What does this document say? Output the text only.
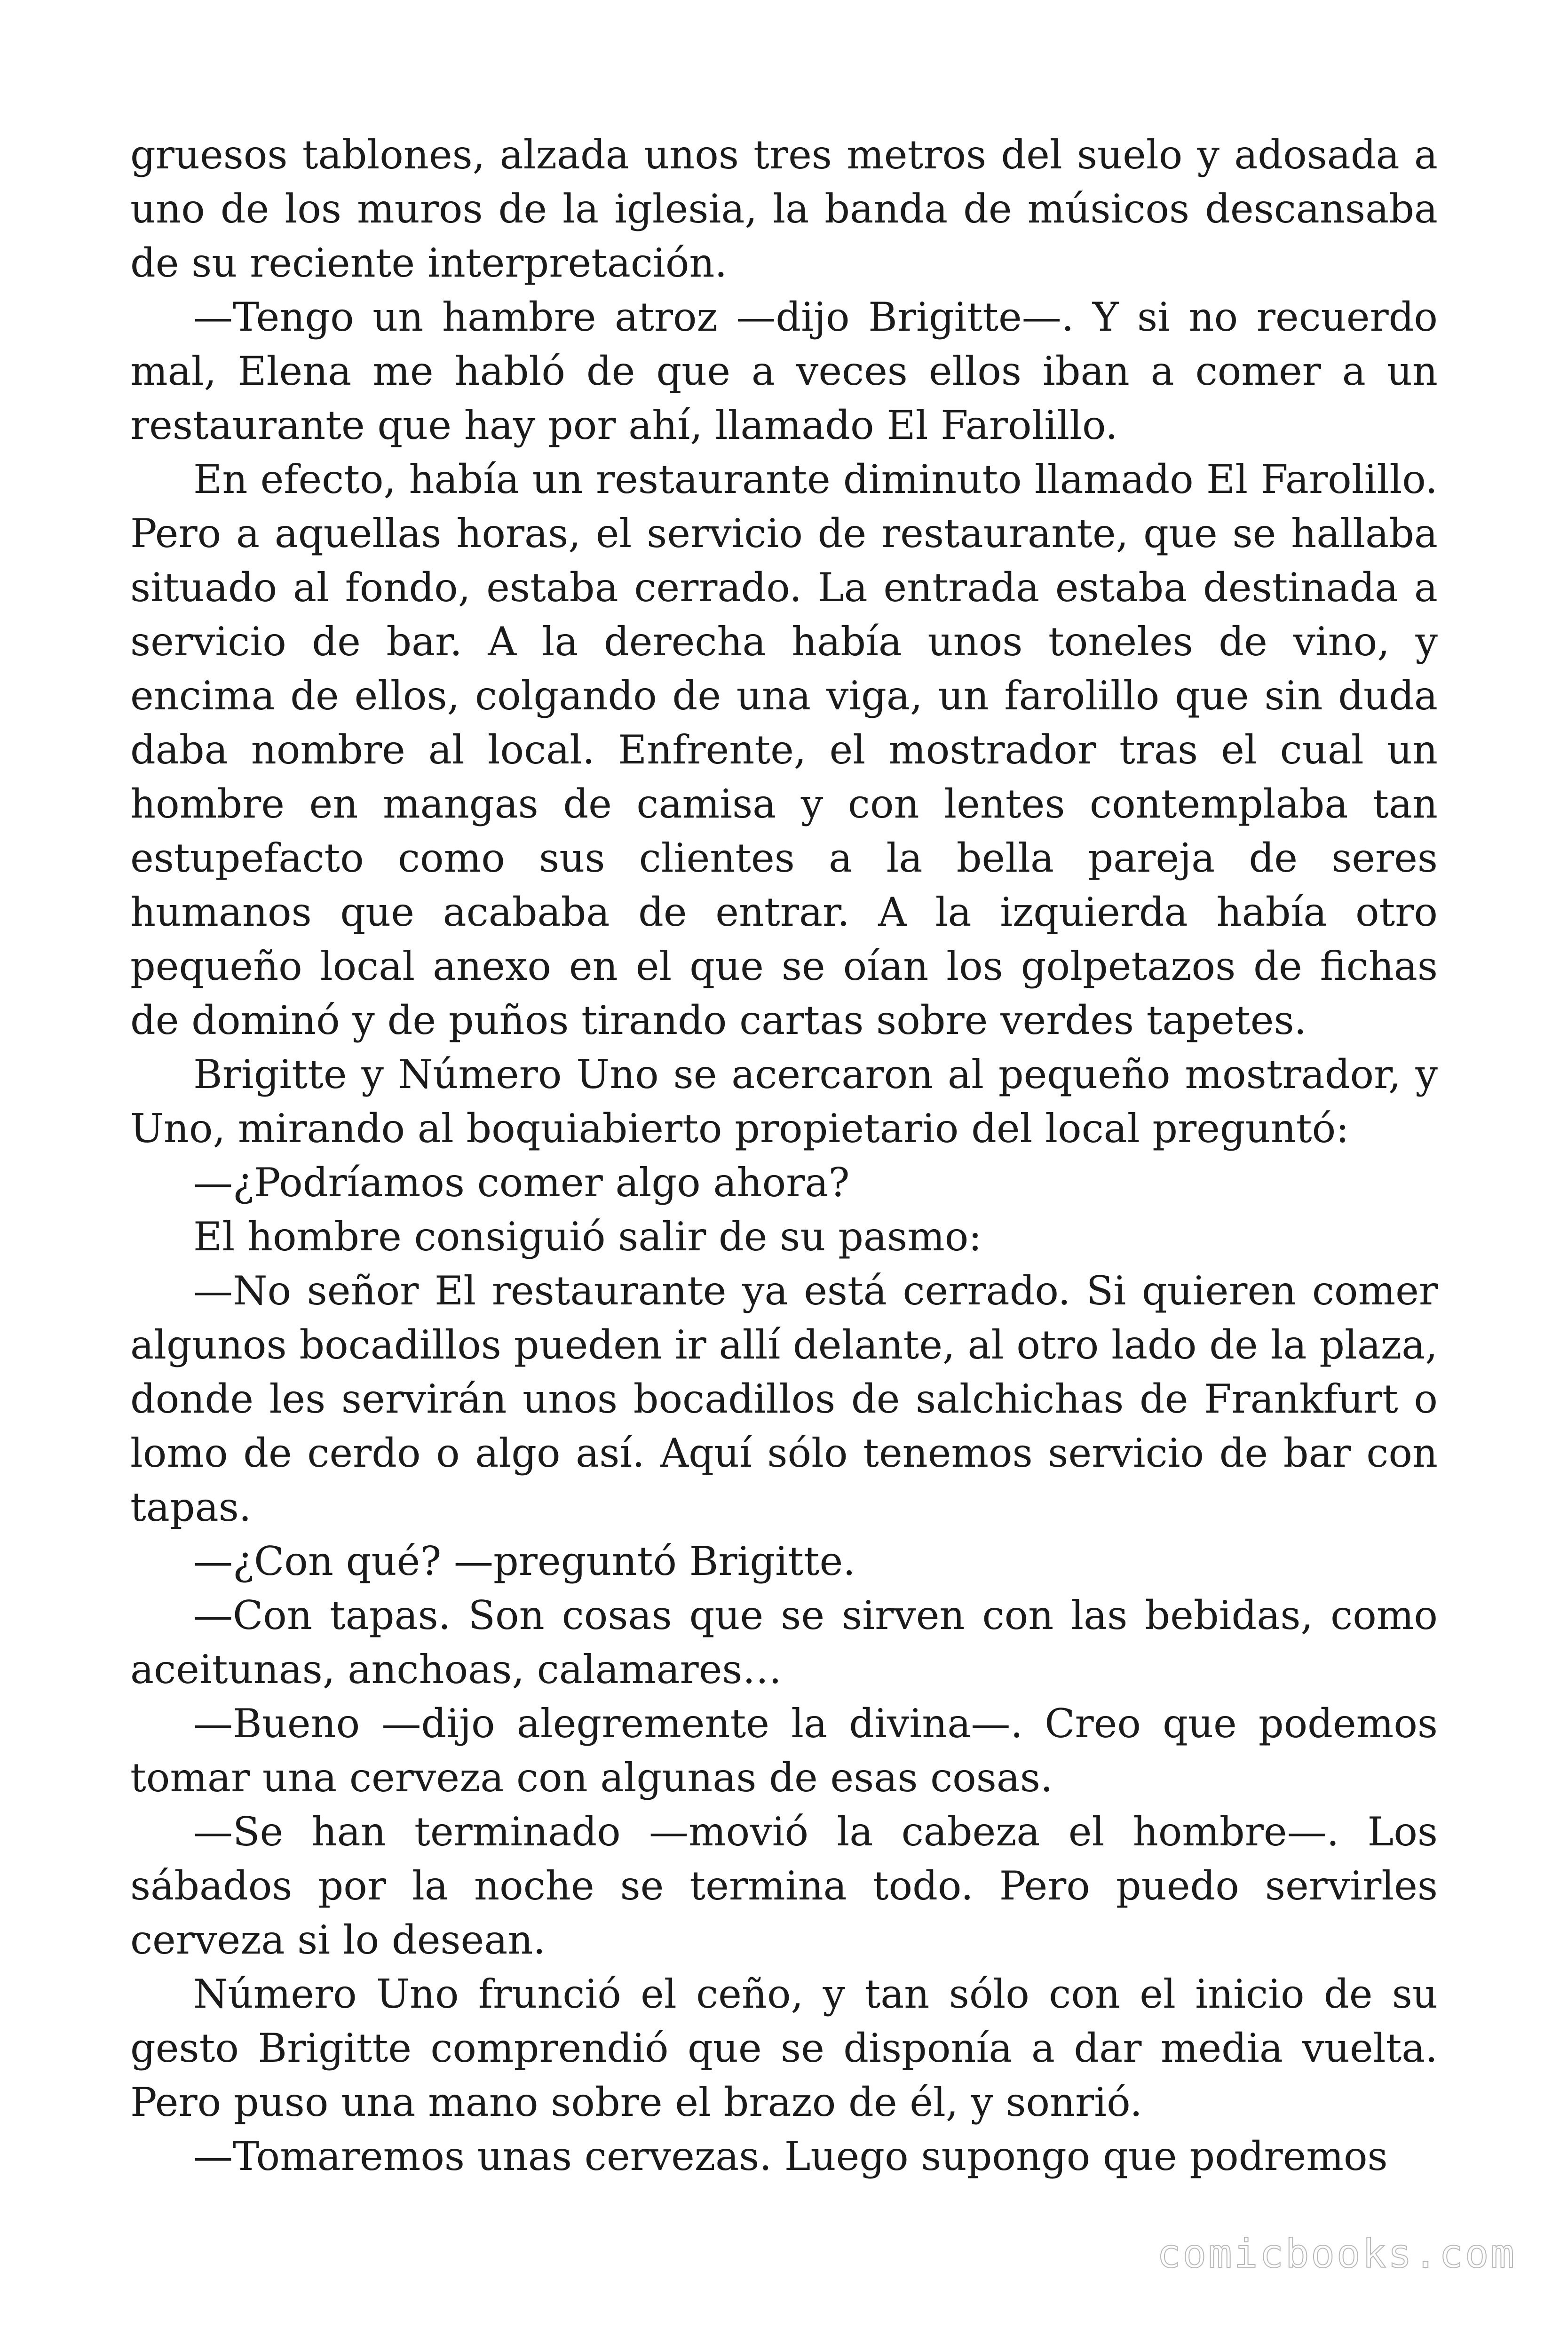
gruesos tablones, alzada unos tres metros del suelo y adosada a uno de los muros de la iglesia, la banda de músicos descansaba de su reciente interpretación.

—Tengo un hambre atroz —dijo Brigitte—. Y si no recuerdo mal, Elena me habló de que a veces ellos iban a comer a un restaurante que hay por ahí, llamado El Farolillo.

En efecto, había un restaurante diminuto llamado El Farolillo. Pero a aquellas horas, el servicio de restaurante, que se hallaba situado al fondo, estaba cerrado. La entrada estaba destinada a servicio de bar. A la derecha había unos toneles de vino, y encima de ellos, colgando de una viga, un farolillo que sin duda daba nombre al local. Enfrente, el mostrador tras el cual un hombre en mangas de camisa y con lentes contemplaba tan estupefacto como sus clientes a la bella pareja de seres humanos que acababa de entrar. A la izquierda había otro pequeño local anexo en el que se oían los golpetazos de fichas de dominó y de puños tirando cartas sobre verdes tapetes.

Brigitte y Número Uno se acercaron al pequeño mostrador, y Uno, mirando al boquiabierto propietario del local preguntó:

—¿Podríamos comer algo ahora?

El hombre consiguió salir de su pasmo:

—No señor El restaurante ya está cerrado. Si quieren comer algunos bocadillos pueden ir allí delante, al otro lado de la plaza, donde les servirán unos bocadillos de salchichas de Frankfurt o lomo de cerdo o algo así. Aquí sólo tenemos servicio de bar con tapas.

—¿Con qué? —preguntó Brigitte.

—Con tapas. Son cosas que se sirven con las bebidas, como aceitunas, anchoas, calamares…

—Bueno —dijo alegremente la divina—. Creo que podemos tomar una cerveza con algunas de esas cosas.

—Se han terminado —movió la cabeza el hombre—. Los sábados por la noche se termina todo. Pero puedo servirles cerveza si lo desean.

Número Uno frunció el ceño, y tan sólo con el inicio de su gesto Brigitte comprendió que se disponía a dar media vuelta. Pero puso una mano sobre el brazo de él, y sonrió.

—Tomaremos unas cervezas. Luego supongo que podremos

comicbooks.com
